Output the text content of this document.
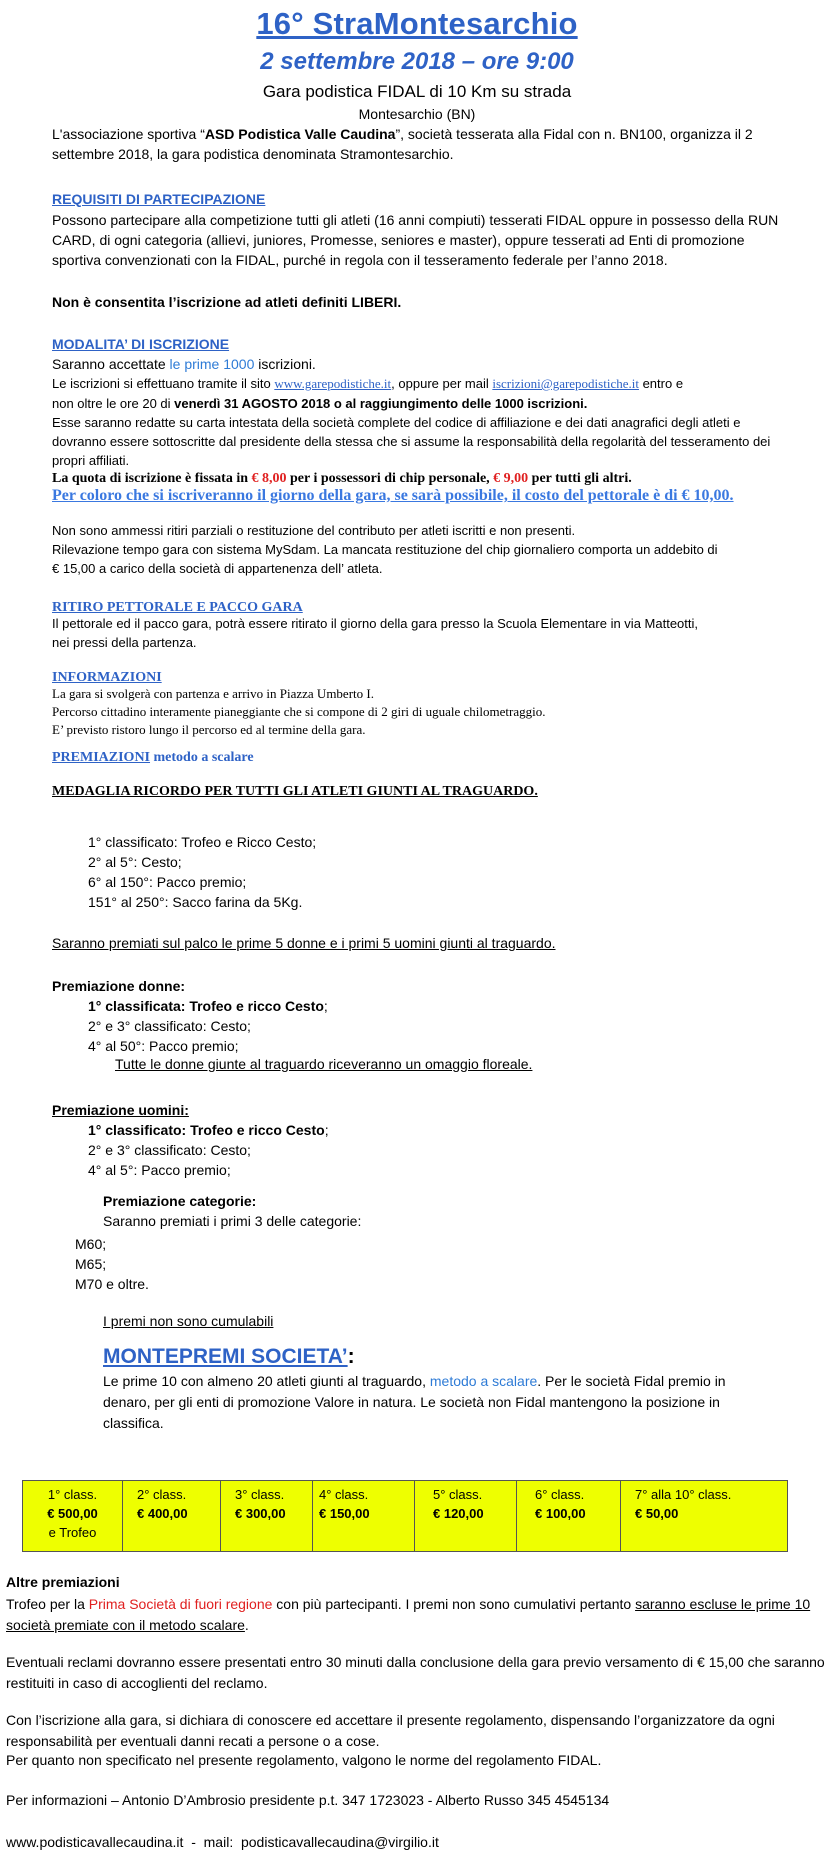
16° StraMontesarchio
2 settembre 2018 – ore 9:00
Gara podistica FIDAL di 10 Km su strada
Montesarchio (BN)
L'associazione sportiva “ASD Podistica Valle Caudina”, società tesserata alla Fidal con n. BN100, organizza il 2 settembre 2018, la gara podistica denominata Stramontesarchio.
REQUISITI DI PARTECIPAZIONE
Possono partecipare alla competizione tutti gli atleti (16 anni compiuti) tesserati FIDAL oppure in possesso della RUN CARD, di ogni categoria (allievi, juniores, Promesse, seniores e master), oppure tesserati ad Enti di promozione sportiva convenzionati con la FIDAL, purché in regola con il tesseramento federale per l’anno 2018.
Non è consentita l’iscrizione ad atleti definiti LIBERI.
MODALITA’ DI ISCRIZIONE
Saranno accettate le prime 1000 iscrizioni.
Le iscrizioni si effettuano tramite il sito www.garepodistiche.it, oppure per mail iscrizioni@garepodistiche.it entro e
non oltre le ore 20 di venerdì 31 AGOSTO 2018 o al raggiungimento delle 1000 iscrizioni.
Esse saranno redatte su carta intestata della società complete del codice di affiliazione e dei dati anagrafici degli atleti e dovranno essere sottoscritte dal presidente della stessa che si assume la responsabilità della regolarità del tesseramento dei propri affiliati.
La quota di iscrizione è fissata in € 8,00 per i possessori di chip personale, € 9,00 per tutti gli altri.
Per coloro che si iscriveranno il giorno della gara, se sarà possibile, il costo del pettorale è di € 10,00.
Non sono ammessi ritiri parziali o restituzione del contributo per atleti iscritti e non presenti.
Rilevazione tempo gara con sistema MySdam. La mancata restituzione del chip giornaliero comporta un addebito di
€ 15,00 a carico della società di appartenenza dell’ atleta.
RITIRO PETTORALE E PACCO GARA
Il pettorale ed il pacco gara, potrà essere ritirato il giorno della gara presso la Scuola Elementare in via Matteotti,
nei pressi della partenza.
INFORMAZIONI
La gara si svolgerà con partenza e arrivo in Piazza Umberto I.
Percorso cittadino interamente pianeggiante che si compone di 2 giri di uguale chilometraggio.
E’ previsto ristoro lungo il percorso ed al termine della gara.
PREMIAZIONI metodo a scalare
MEDAGLIA RICORDO PER TUTTI GLI ATLETI GIUNTI AL TRAGUARDO.
1° classificato: Trofeo e Ricco Cesto;
2° al 5°: Cesto;
6° al 150°: Pacco premio;
151° al 250°: Sacco farina da 5Kg.
Saranno premiati sul palco le prime 5 donne e i primi 5 uomini giunti al traguardo.
Premiazione donne:
1° classificata: Trofeo e ricco Cesto;
2° e 3° classificato: Cesto;
4° al 50°: Pacco premio;
Tutte le donne giunte al traguardo riceveranno un omaggio floreale.
Premiazione uomini:
1° classificato: Trofeo e ricco Cesto;
2° e 3° classificato: Cesto;
4° al 5°: Pacco premio;
Premiazione categorie:
Saranno premiati i primi 3 delle categorie:
M60;
M65;
M70 e oltre.
I premi non sono cumulabili
MONTEPREMI SOCIETA’:
Le prime 10 con almeno 20 atleti giunti al traguardo, metodo a scalare. Per le società Fidal premio in denaro, per gli enti di promozione Valore in natura. Le società non Fidal mantengono la posizione in classifica.
1° class.
€ 500,00
e Trofeo
2° class.
€ 400,00
3° class.
€ 300,00
4° class.
€ 150,00
5° class.
€ 120,00
6° class.
€ 100,00
7° alla 10° class.
€ 50,00
Altre premiazioni
Trofeo per la Prima Società di fuori regione con più partecipanti. I premi non sono cumulativi pertanto saranno escluse le prime 10 società premiate con il metodo scalare.
Eventuali reclami dovranno essere presentati entro 30 minuti dalla conclusione della gara previo versamento di € 15,00 che saranno restituiti in caso di accoglienti del reclamo.
Con l’iscrizione alla gara, si dichiara di conoscere ed accettare il presente regolamento, dispensando l’organizzatore da ogni responsabilità per eventuali danni recati a persone o a cose.
Per quanto non specificato nel presente regolamento, valgono le norme del regolamento FIDAL.
Per informazioni – Antonio D’Ambrosio presidente p.t. 347 1723023 - Alberto Russo 345 4545134
www.podisticavallecaudina.it  -  mail:  podisticavallecaudina@virgilio.it
